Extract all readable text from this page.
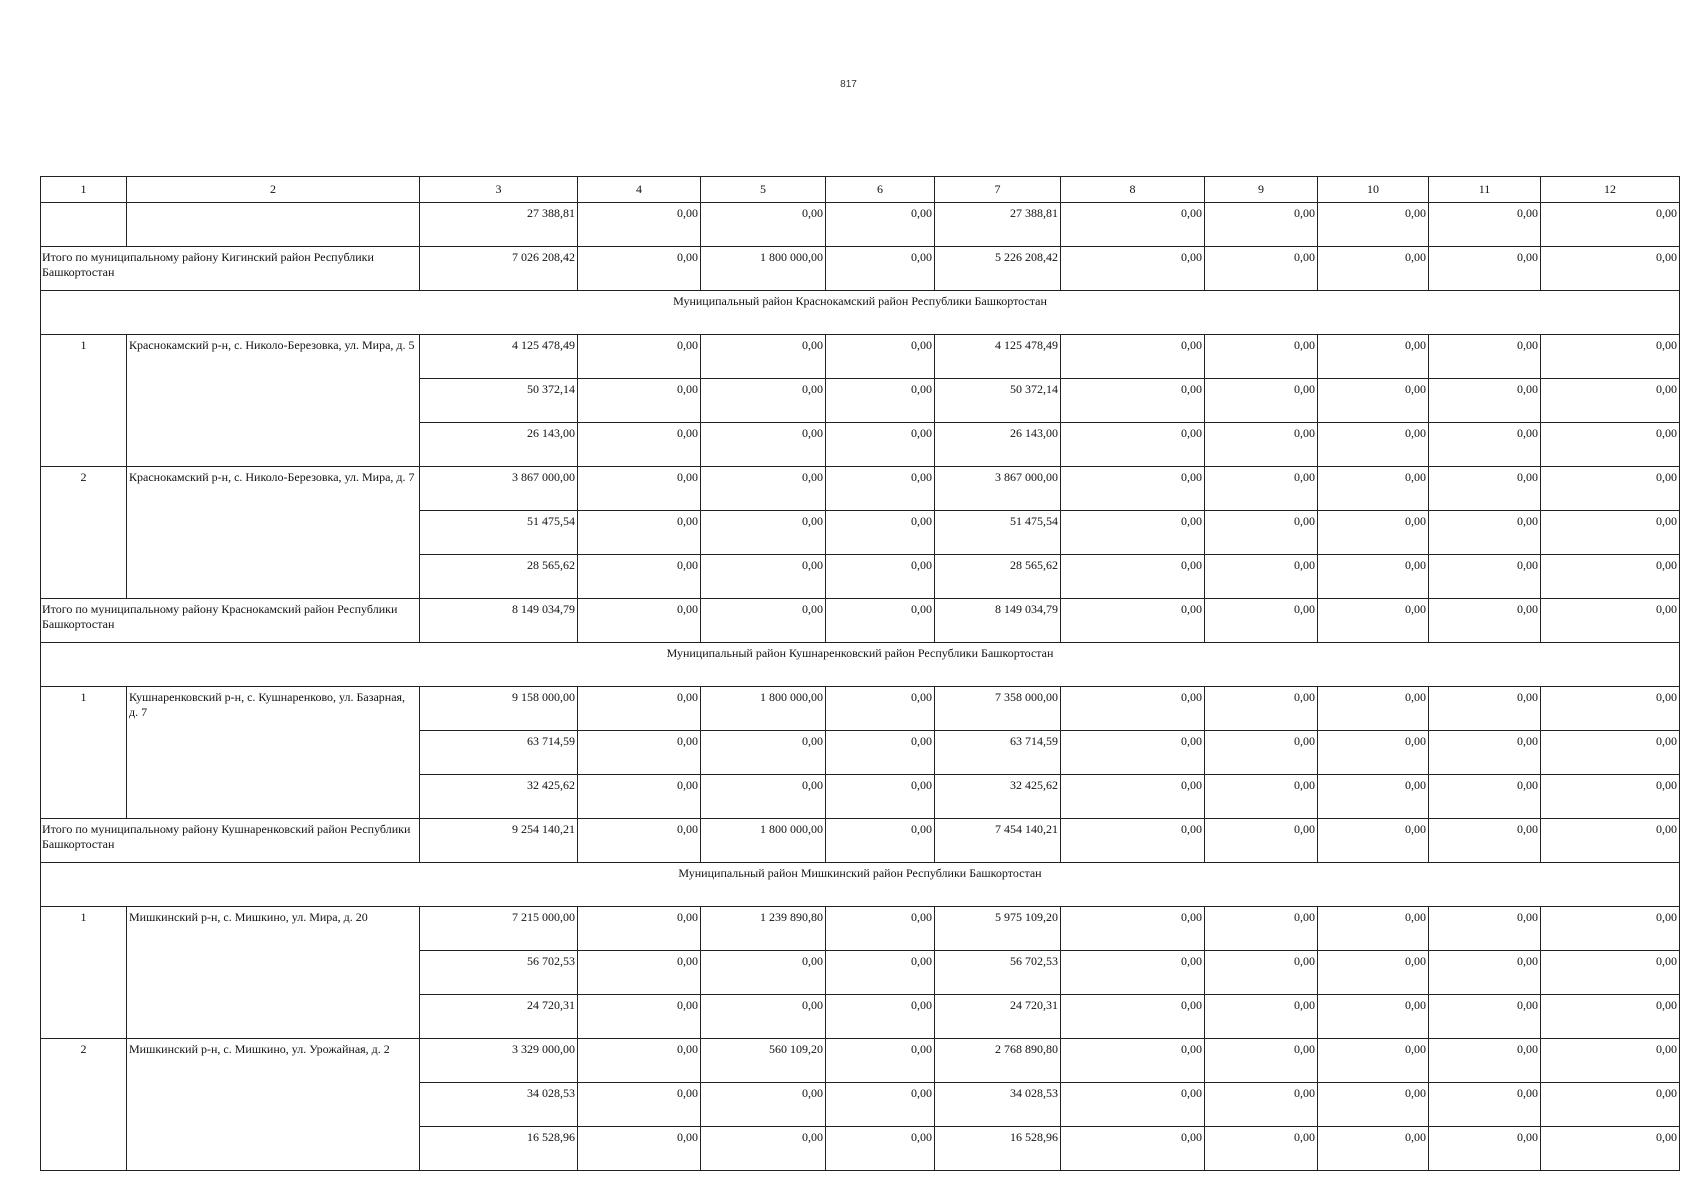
817
1	2	3	4	5	6	7	8	9	10	11	12
		27 388,81	0,00	0,00	0,00	27 388,81	0,00	0,00	0,00	0,00	0,00
Итого по муниципальному району Кигинский район Республики Башкортостан		7 026 208,42	0,00	1 800 000,00	0,00	5 226 208,42	0,00	0,00	0,00	0,00	0,00
Муниципальный район Краснокамский район Республики Башкортостан											
1	Краснокамский р-н, с. Николо-Березовка, ул. Мира, д. 5	4 125 478,49	0,00	0,00	0,00	4 125 478,49	0,00	0,00	0,00	0,00	0,00
		50 372,14	0,00	0,00	0,00	50 372,14	0,00	0,00	0,00	0,00	0,00
		26 143,00	0,00	0,00	0,00	26 143,00	0,00	0,00	0,00	0,00	0,00
2	Краснокамский р-н, с. Николо-Березовка, ул. Мира, д. 7	3 867 000,00	0,00	0,00	0,00	3 867 000,00	0,00	0,00	0,00	0,00	0,00
		51 475,54	0,00	0,00	0,00	51 475,54	0,00	0,00	0,00	0,00	0,00
		28 565,62	0,00	0,00	0,00	28 565,62	0,00	0,00	0,00	0,00	0,00
Итого по муниципальному району Краснокамский район Республики Башкортостан		8 149 034,79	0,00	0,00	0,00	8 149 034,79	0,00	0,00	0,00	0,00	0,00
Муниципальный район Кушнаренковский район Республики Башкортостан											
1	Кушнаренковский р-н, с. Кушнаренково, ул. Базарная, д. 7	9 158 000,00	0,00	1 800 000,00	0,00	7 358 000,00	0,00	0,00	0,00	0,00	0,00
		63 714,59	0,00	0,00	0,00	63 714,59	0,00	0,00	0,00	0,00	0,00
		32 425,62	0,00	0,00	0,00	32 425,62	0,00	0,00	0,00	0,00	0,00
Итого по муниципальному району Кушнаренковский район Республики Башкортостан		9 254 140,21	0,00	1 800 000,00	0,00	7 454 140,21	0,00	0,00	0,00	0,00	0,00
Муниципальный район Мишкинский район Республики Башкортостан											
1	Мишкинский р-н, с. Мишкино, ул. Мира, д. 20	7 215 000,00	0,00	1 239 890,80	0,00	5 975 109,20	0,00	0,00	0,00	0,00	0,00
		56 702,53	0,00	0,00	0,00	56 702,53	0,00	0,00	0,00	0,00	0,00
		24 720,31	0,00	0,00	0,00	24 720,31	0,00	0,00	0,00	0,00	0,00
2	Мишкинский р-н, с. Мишкино, ул. Урожайная, д. 2	3 329 000,00	0,00	560 109,20	0,00	2 768 890,80	0,00	0,00	0,00	0,00	0,00
		34 028,53	0,00	0,00	0,00	34 028,53	0,00	0,00	0,00	0,00	0,00
		16 528,96	0,00	0,00	0,00	16 528,96	0,00	0,00	0,00	0,00	0,00
